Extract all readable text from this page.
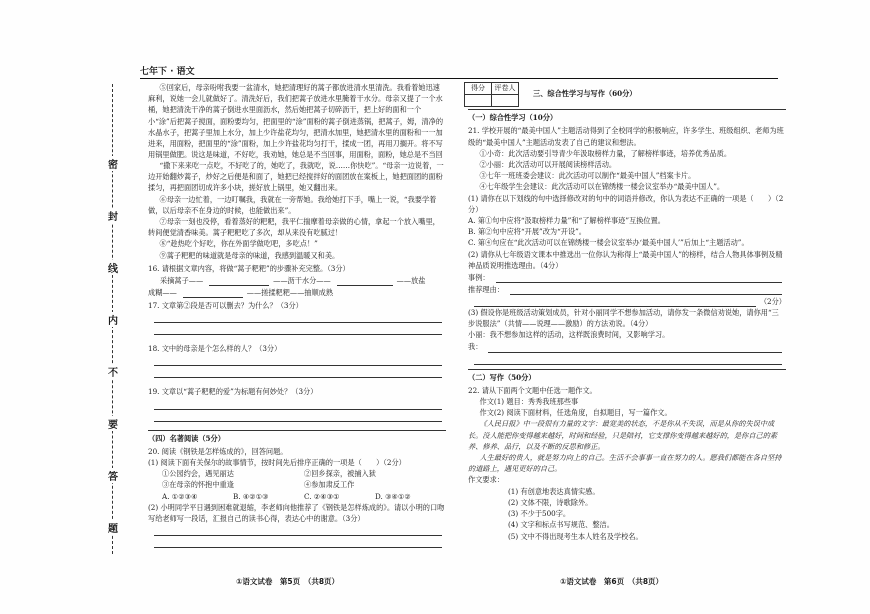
七年下 · 语文
密
封
线
内
不
要
答
题

⑤回家后，母亲吩咐我要一盆清水，她把清理好的蒿子都放进清水里清洗。我看着她迅速麻利，说她一会儿就做好了。清洗好后，我们把蒿子放进水里腌着干水分。母亲又提了一个水桶，她把清洗干净的蒿子倒进水里面沥水，然后她把蒿子切碎沥干，把上好的面和一个小“涂”后把蒿子搅面，面粉要均匀，把面里的“涂”面粉的蒿子倒进蒸锅，把蒿子，姆，清净的水晶水子，把蒿子里加上水分，加上少许盐花均匀，把清水加里，她把清水里的面粉和一一加进来，用面粉，把面里的“涂”面粉，加上少许盐花均匀打干，揉成一团，再用刀搁开。将不写用锅里做肥。说这是味道，不好吃，我劝她，她总是不当回事，用面粉，面粉，她总是不当回

“撒下来来吃一点吃，不好吃了的，她吃了，我就吃，说……你快吃”。“母亲一边说着，一边开始翻炒蒿子，炒好之后便是和面了，她把已经搅拌好的面团放在案板上，她把面团的面粉揉匀，再把面团切成许多小块，搓好放上锅里，她又翻出来。

⑥母亲一边忙着，一边叮嘱我，我就在一旁帮她。我给她打下手，嘴上一说，“我要学着做，以后母亲不在身边的时候，也能做出来”。

⑦母亲一刻也没停，看着蒸好的粑粑，我平仁揣摩着母亲做的心情，拿起一个放入嘴里，转间便觉清香味美。蒿子粑粑吃了多次，却从来没有吃腻过！

⑧“趁热吃个好吃，你在外面学做吃吧，多吃点！”

⑨蒿子粑粑的味道就是母亲的味道，我感到温暖又和美。

16. 请根据文章内容，将做“蒿子粑粑”的步骤补充完整。（3分）
采摘蒿子——	——沥干水分——	——放盐
成糊——	——搓揉粑粑——抽顺成熟
17. 文章第②段是否可以删去？为什么？（3分）
18. 文中的母亲是个怎么样的人？（3分）
19. 文章以“蒿子粑粑的爱”为标题有何妙处？（3分）
（四）名著阅读（5分）
20. 阅读《钢铁是怎样炼成的》，回答问题。
(1) 阅读下面有关保尔的故事情节，按时间先后排序正确的一项是（　　）（2分）
①公园约会，遇见丽达	②回乡探亲，被捕入狱
③在母亲的怀抱中重逢	④参加肃反工作
A. ①②③④	B. ④②①③	C. ②④③①	D. ③④①②
(2) 小明同学平日遇到困难就退缩，李老师向他推荐了《钢铁是怎样炼成的》。请以小明的口吻写给老师写一段话，汇报自己的读书心得，表达心中的谢意。（3分）
得分	评卷人

三、综合性学习与写作（60分）
（一）综合性学习（10分）
21. 学校开展的“最美中国人”主题活动得到了全校同学的积极响应，许多学生、班级组织、老师为班级的“最美中国人”主题活动发表了自己的建议和想法。
①小奇：此次活动要引导青少年汲取榜样力量，了解榜样事迹，培养优秀品质。
②小丽：此次活动可以开展阅读榜样活动。
③七年一班班委会建议：此次活动可以制作“最美中国人”档案卡片。
④七年级学生会建议：此次活动可以在锦绣楼一楼会议室举办“最美中国人”。
(1) 请你在以下划线的句中选择修改对的句中的词语并修改，你认为表达不正确的一项是（　　）（2分）
A. 第①句中应将“汲取榜样力量”和“了解榜样事迹”互换位置。
B. 第②句中应将“开展”改为“开设”。
C. 第④句应在“此次活动可以在锦绣楼一楼会议室举办‘最美中国人’”后加上“主题活动”。
(2) 请你从七年级语文课本中推选出一位你认为称得上“最美中国人”的榜样，结合人物具体事例及精神品质说明推选理由。（4分）
事例：
推荐理由：
（2分）
(3) 假设你是班级活动策划成员，针对小丽同学不想参加活动，请你发一条微信劝说她，请你用“三步说服法”（共情——说理——激励）的方法劝说。（4分）
小丽：我不想参加这样的活动，这样既浪费时间，又影响学习。
我：
（二）写作（50分）
22. 请从下面两个文题中任选一题作文。
作文(1) 题目：秀秀我班那些事
作文(2) 阅读下面材料，任选角度，自拟题目，写一篇作文。
《人民日报》中一段很有力量的文字：最宽美的状态，不是你从不失误，而是从你的失误中成长。没人能把你变得越来越好，时间和经验，只是陪衬，它支撑你变得越来越好的，是你自己的素养、修养、品行，以及不断的反思和修正。
人生最好的贵人，就是努力向上的自己。生活不会事事一直在努力的人。愿我们都能在各自坚持的道路上，遇见更好的自己。
作文要求：
(1) 有创意地表达真情实感。
(2) 文体不限，诗歌除外。
(3) 不少于500字。
(4) 文字和标点书写规范、整洁。
(5) 文中不得出现考生本人姓名及学校名。
①语文试卷　第5页　（共8页）	①语文试卷　第6页　（共8页）
